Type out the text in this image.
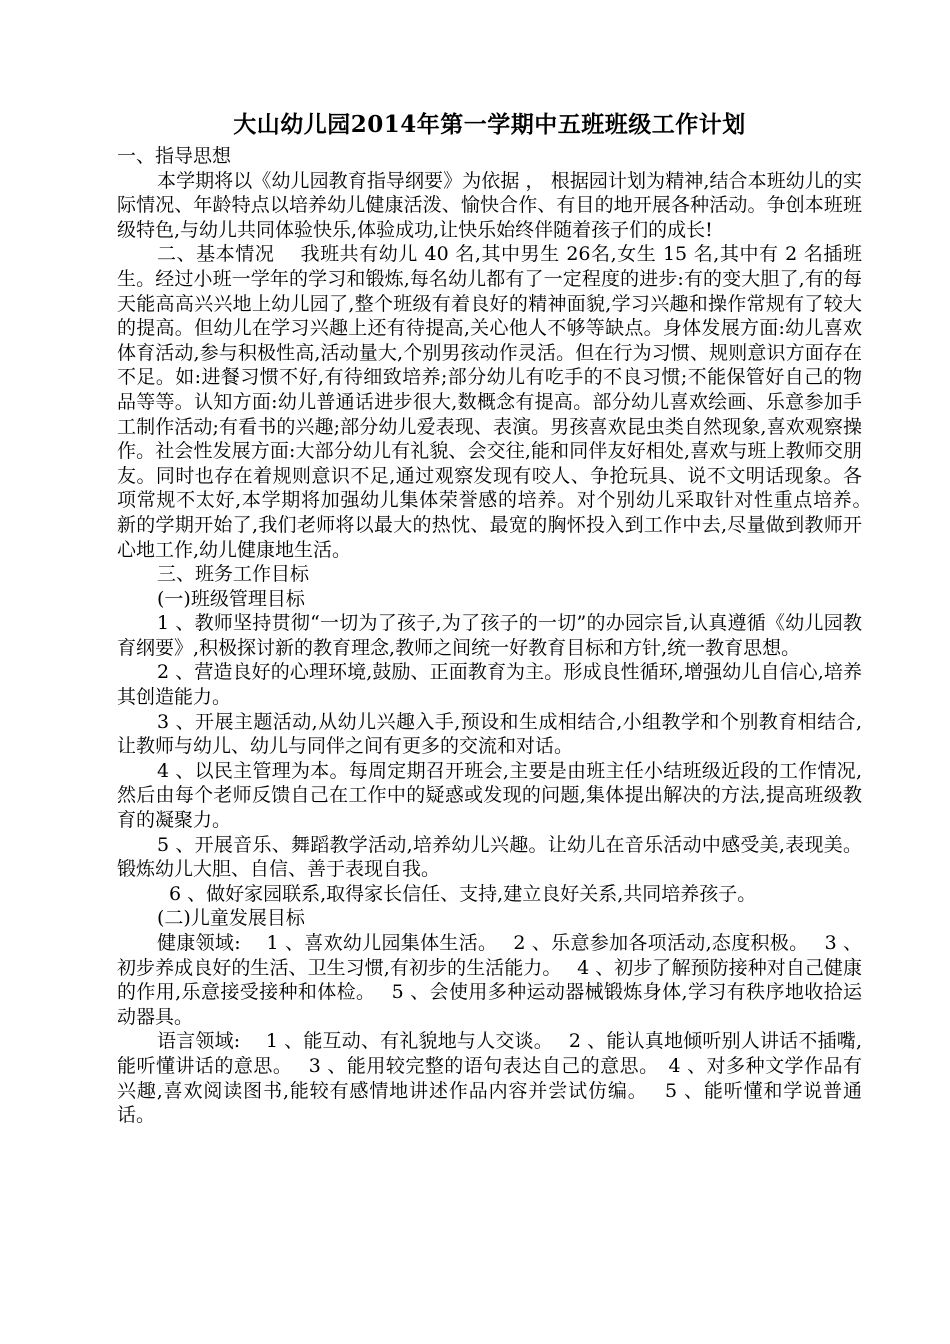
大山幼儿园2014年第一学期中五班班级工作计划

一、指导思想

本学期将以《幼儿园教育指导纲要》为依据 ， 根据园计划为精神,结合本班幼儿的实际情况、年龄特点以培养幼儿健康活泼、愉快合作、有目的地开展各种活动。争创本班班级特色,与幼儿共同体验快乐,体验成功,让快乐始终伴随着孩子们的成长!

二、基本情况　 我班共有幼儿 40 名,其中男生 26名,女生 15 名,其中有 2 名插班生。经过小班一学年的学习和锻炼,每名幼儿都有了一定程度的进步:有的变大胆了,有的每天能高高兴兴地上幼儿园了,整个班级有着良好的精神面貌,学习兴趣和操作常规有了较大的提高。但幼儿在学习兴趣上还有待提高,关心他人不够等缺点。身体发展方面:幼儿喜欢体育活动,参与积极性高,活动量大,个别男孩动作灵活。但在行为习惯、规则意识方面存在不足。如:进餐习惯不好,有待细致培养;部分幼儿有吃手的不良习惯;不能保管好自己的物品等等。认知方面:幼儿普通话进步很大,数概念有提高。部分幼儿喜欢绘画、乐意参加手工制作活动;有看书的兴趣;部分幼儿爱表现、表演。男孩喜欢昆虫类自然现象,喜欢观察操作。社会性发展方面:大部分幼儿有礼貌、会交往,能和同伴友好相处,喜欢与班上教师交朋友。同时也存在着规则意识不足,通过观察发现有咬人、争抢玩具、说不文明话现象。各项常规不太好,本学期将加强幼儿集体荣誉感的培养。对个别幼儿采取针对性重点培养。　 新的学期开始了,我们老师将以最大的热忱、最宽的胸怀投入到工作中去,尽量做到教师开心地工作,幼儿健康地生活。

三、班务工作目标

(一)班级管理目标

1 、教师坚持贯彻“一切为了孩子,为了孩子的一切”的办园宗旨,认真遵循《幼儿园教育纲要》,积极探讨新的教育理念,教师之间统一好教育目标和方针,统一教育思想。

2 、营造良好的心理环境,鼓励、正面教育为主。形成良性循环,增强幼儿自信心,培养其创造能力。

3 、开展主题活动,从幼儿兴趣入手,预设和生成相结合,小组教学和个别教育相结合,让教师与幼儿、幼儿与同伴之间有更多的交流和对话。

4 、以民主管理为本。每周定期召开班会,主要是由班主任小结班级近段的工作情况,然后由每个老师反馈自己在工作中的疑惑或发现的问题,集体提出解决的方法,提高班级教育的凝聚力。

5 、开展音乐、舞蹈教学活动,培养幼儿兴趣。让幼儿在音乐活动中感受美,表现美。锻炼幼儿大胆、自信、善于表现自我。

6 、做好家园联系,取得家长信任、支持,建立良好关系,共同培养孩子。

(二)儿童发展目标

健康领域:　 1 、喜欢幼儿园集体生活。　 2 、乐意参加各项活动,态度积极。　 3 、初步养成良好的生活、卫生习惯,有初步的生活能力。　 4 、初步了解预防接种对自己健康的作用,乐意接受接种和体检。　 5 、会使用多种运动器械锻炼身体,学习有秩序地收拾运动器具。

语言领域:　 1 、能互动、有礼貌地与人交谈。　 2 、能认真地倾听别人讲话不插嘴,能听懂讲话的意思。　 3 、能用较完整的语句表达自己的意思。　4 、对多种文学作品有兴趣,喜欢阅读图书,能较有感情地讲述作品内容并尝试仿编。　 5 、能听懂和学说普通话。
